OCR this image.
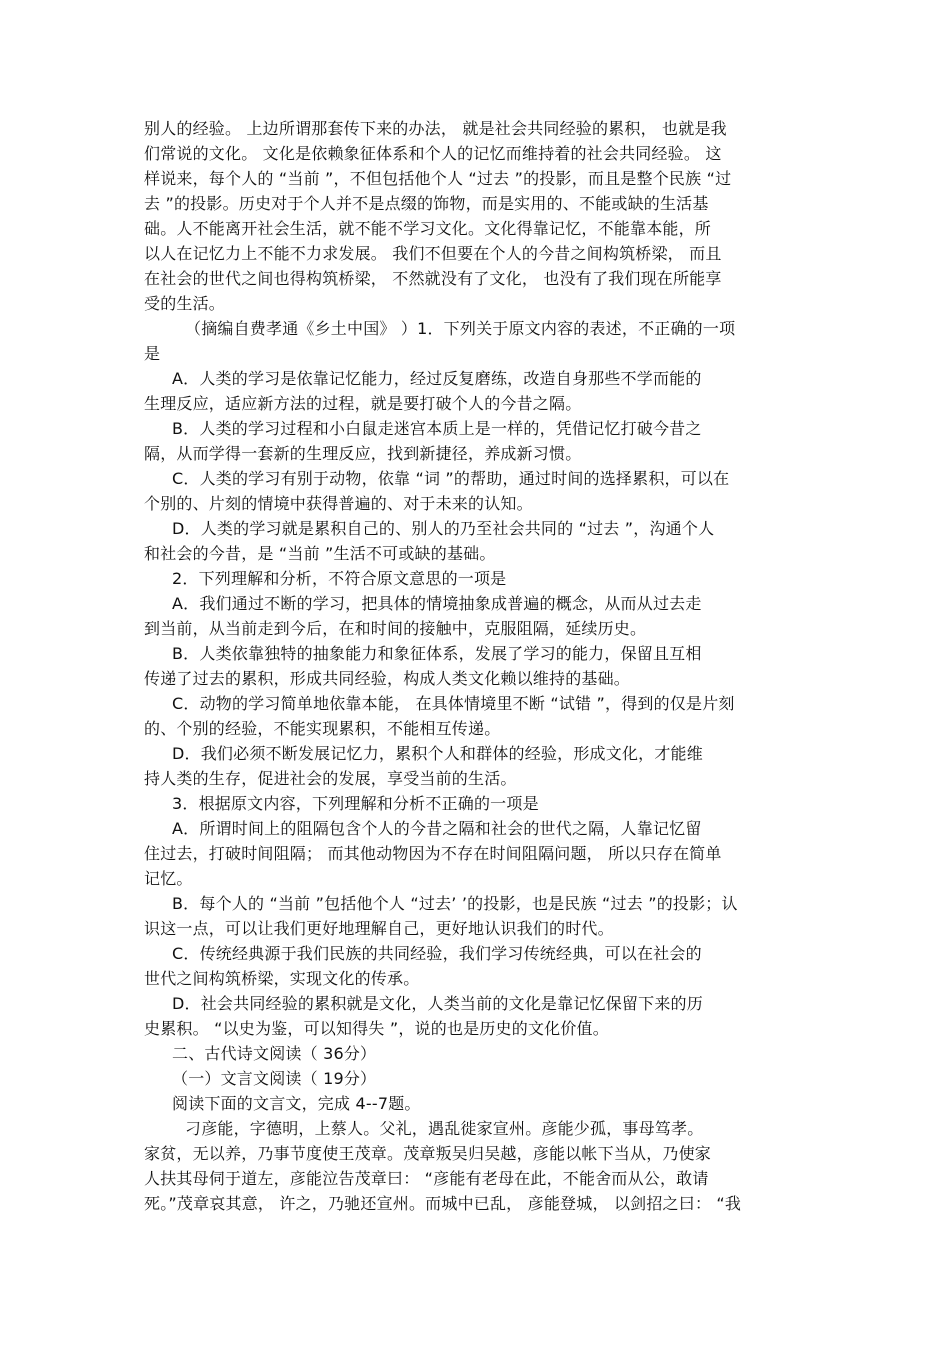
别人的经验。 上边所谓那套传下来的办法， 就是社会共同经验的累积， 也就是我
们常说的文化。 文化是依赖象征体系和个人的记忆而维持着的社会共同经验。 这
样说来，每个人的 “当前 ”，不但包括他个人 “过去 ”的投影，而且是整个民族 “过
去 ”的投影。历史对于个人并不是点缀的饰物，而是实用的、不能或缺的生活基
础。人不能离开社会生活，就不能不学习文化。文化得靠记忆，不能靠本能，所
以人在记忆力上不能不力求发展。 我们不但要在个人的今昔之间构筑桥梁， 而且
在社会的世代之间也得构筑桥梁， 不然就没有了文化， 也没有了我们现在所能享
受的生活。
（摘编自费孝通《乡土中国》 ）1．下列关于原文内容的表述，不正确的一项
是
A．人类的学习是依靠记忆能力，经过反复磨练，改造自身那些不学而能的
生理反应，适应新方法的过程，就是要打破个人的今昔之隔。
B．人类的学习过程和小白鼠走迷宫本质上是一样的，凭借记忆打破今昔之
隔，从而学得一套新的生理反应，找到新捷径，养成新习惯。
C．人类的学习有别于动物，依靠 “词 ”的帮助，通过时间的选择累积，可以在
个别的、片刻的情境中获得普遍的、对于未来的认知。
D．人类的学习就是累积自己的、别人的乃至社会共同的 “过去 ”，沟通个人
和社会的今昔，是 “当前 ”生活不可或缺的基础。
2．下列理解和分析，不符合原文意思的一项是
A．我们通过不断的学习，把具体的情境抽象成普遍的概念，从而从过去走
到当前，从当前走到今后，在和时间的接触中，克服阻隔，延续历史。
B．人类依靠独特的抽象能力和象征体系，发展了学习的能力，保留且互相
传递了过去的累积，形成共同经验，构成人类文化赖以维持的基础。
C．动物的学习简单地依靠本能， 在具体情境里不断 “试错 ”，得到的仅是片刻
的、个别的经验，不能实现累积，不能相互传递。
D．我们必须不断发展记忆力，累积个人和群体的经验，形成文化，才能维
持人类的生存，促进社会的发展，享受当前的生活。
3．根据原文内容，下列理解和分析不正确的一项是
A．所谓时间上的阻隔包含个人的今昔之隔和社会的世代之隔，人靠记忆留
住过去，打破时间阻隔； 而其他动物因为不存在时间阻隔问题， 所以只存在简单
记忆。
B．每个人的 “当前 ”包括他个人 “过去’ ’的投影，也是民族 “过去 ”的投影；认
识这一点，可以让我们更好地理解自己，更好地认识我们的时代。
C．传统经典源于我们民族的共同经验，我们学习传统经典，可以在社会的
世代之间构筑桥梁，实现文化的传承。
D．社会共同经验的累积就是文化，人类当前的文化是靠记忆保留下来的历
史累积。 “以史为鉴，可以知得失 ”，说的也是历史的文化价值。
二、古代诗文阅读（ 36分）
（一）文言文阅读（ 19分）
阅读下面的文言文，完成 4--7题。
刁彦能，字德明，上蔡人。父礼，遇乱徙家宣州。彦能少孤，事母笃孝。
家贫，无以养，乃事节度使王茂章。茂章叛吴归吴越，彦能以帐下当从，乃使家
人扶其母伺于道左，彦能泣告茂章曰： “彦能有老母在此，不能舍而从公，敢请
死。”茂章哀其意， 许之，乃驰还宣州。而城中已乱， 彦能登城， 以剑招之曰： “我
